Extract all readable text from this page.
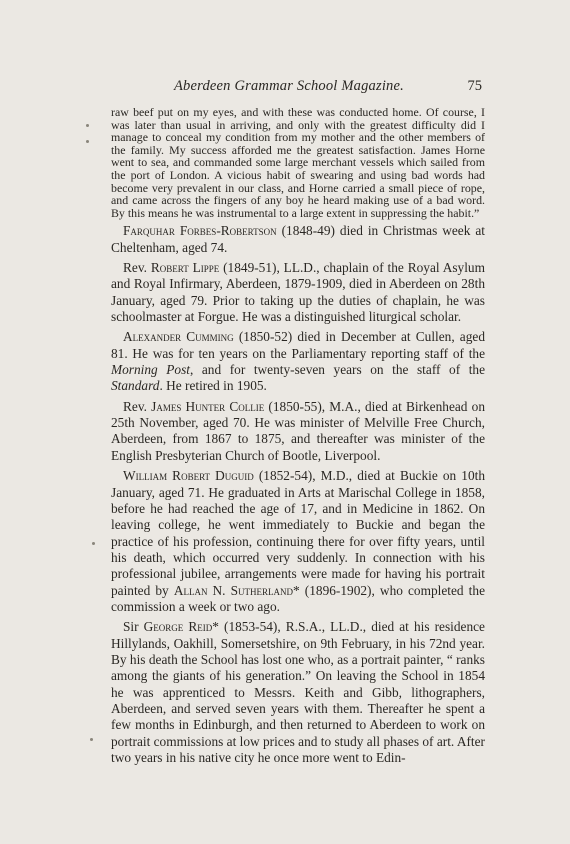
Aberdeen Grammar School Magazine.	75

raw beef put on my eyes, and with these was conducted home. Of course, I was later than usual in arriving, and only with the greatest difficulty did I manage to conceal my condition from my mother and the other members of the family. My success afforded me the greatest satisfaction. James Horne went to sea, and commanded some large merchant vessels which sailed from the port of London. A vicious habit of swearing and using bad words had become very prevalent in our class, and Horne carried a small piece of rope, and came across the fingers of any boy he heard making use of a bad word. By this means he was instrumental to a large extent in suppressing the habit.”

Farquhar Forbes-Robertson (1848-49) died in Christmas week at Cheltenham, aged 74.

Rev. Robert Lippe (1849-51), LL.D., chaplain of the Royal Asylum and Royal Infirmary, Aberdeen, 1879-1909, died in Aberdeen on 28th January, aged 79. Prior to taking up the duties of chaplain, he was schoolmaster at Forgue. He was a distinguished liturgical scholar.

Alexander Cumming (1850-52) died in December at Cullen, aged 81. He was for ten years on the Parliamentary reporting staff of the Morning Post, and for twenty-seven years on the staff of the Standard. He retired in 1905.

Rev. James Hunter Collie (1850-55), M.A., died at Birkenhead on 25th November, aged 70. He was minister of Melville Free Church, Aberdeen, from 1867 to 1875, and thereafter was minister of the English Presbyterian Church of Bootle, Liverpool.

William Robert Duguid (1852-54), M.D., died at Buckie on 10th January, aged 71. He graduated in Arts at Marischal College in 1858, before he had reached the age of 17, and in Medicine in 1862. On leaving college, he went immediately to Buckie and began the practice of his profession, continuing there for over fifty years, until his death, which occurred very suddenly. In connection with his professional jubilee, arrangements were made for having his portrait painted by Allan N. Sutherland* (1896-1902), who completed the commission a week or two ago.

Sir George Reid* (1853-54), R.S.A., LL.D., died at his residence Hillylands, Oakhill, Somersetshire, on 9th February, in his 72nd year. By his death the School has lost one who, as a portrait painter, “ ranks among the giants of his generation.” On leaving the School in 1854 he was apprenticed to Messrs. Keith and Gibb, lithographers, Aberdeen, and served seven years with them. Thereafter he spent a few months in Edinburgh, and then returned to Aberdeen to work on portrait commissions at low prices and to study all phases of art. After two years in his native city he once more went to Edin-
